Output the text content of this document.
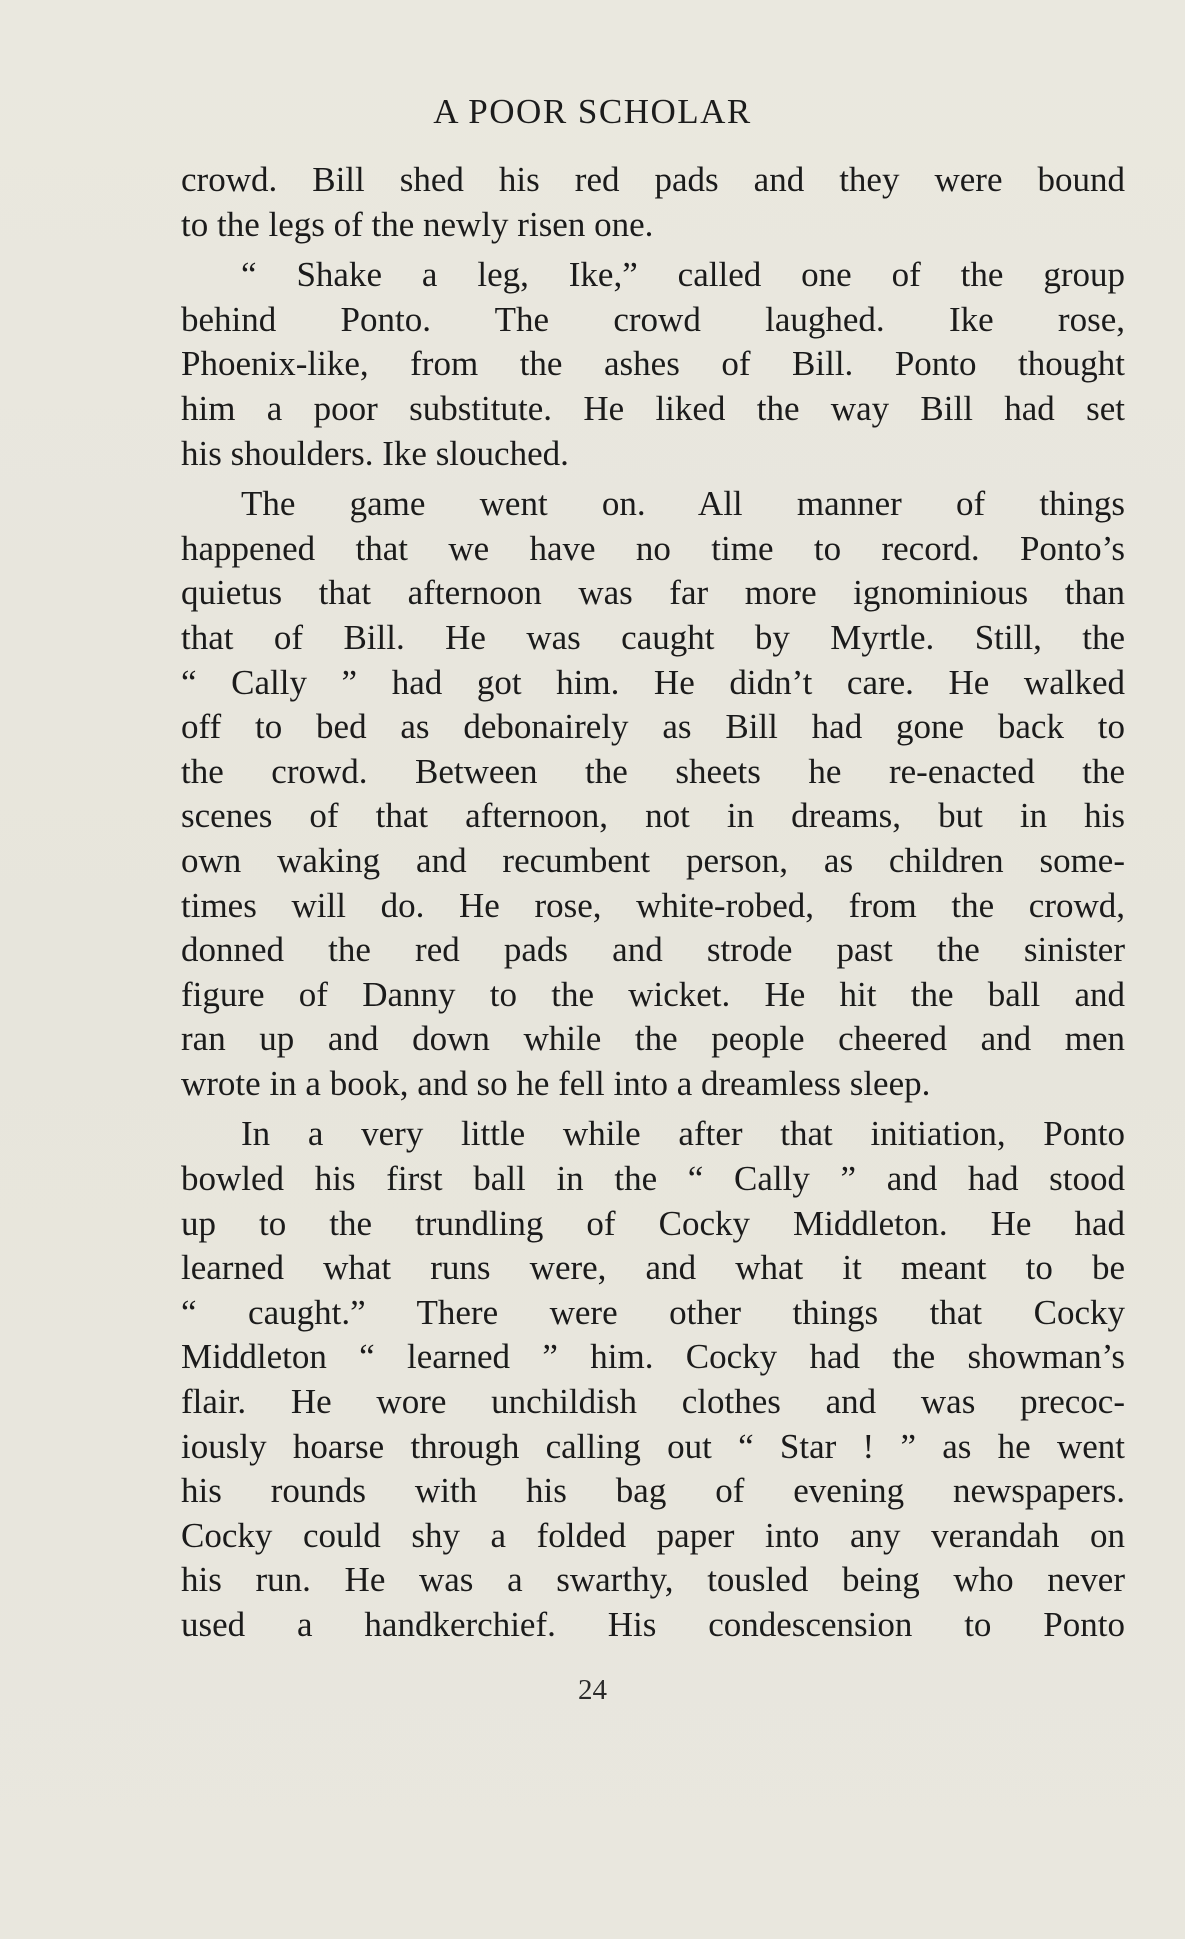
A POOR SCHOLAR
crowd. Bill shed his red pads and they were bound
to the legs of the newly risen one.
“ Shake a leg, Ike,” called one of the group
behind Ponto. The crowd laughed. Ike rose,
Phoenix-like, from the ashes of Bill. Ponto thought
him a poor substitute. He liked the way Bill had set
his shoulders. Ike slouched.
The game went on. All manner of things
happened that we have no time to record. Ponto’s
quietus that afternoon was far more ignominious than
that of Bill. He was caught by Myrtle. Still, the
“ Cally ” had got him. He didn’t care. He walked
off to bed as debonairely as Bill had gone back to
the crowd. Between the sheets he re-enacted the
scenes of that afternoon, not in dreams, but in his
own waking and recumbent person, as children some-
times will do. He rose, white-robed, from the crowd,
donned the red pads and strode past the sinister
figure of Danny to the wicket. He hit the ball and
ran up and down while the people cheered and men
wrote in a book, and so he fell into a dreamless sleep.
In a very little while after that initiation, Ponto
bowled his first ball in the “ Cally ” and had stood
up to the trundling of Cocky Middleton. He had
learned what runs were, and what it meant to be
“ caught.” There were other things that Cocky
Middleton “ learned ” him. Cocky had the showman’s
flair. He wore unchildish clothes and was precoc-
iously hoarse through calling out “ Star ! ” as he went
his rounds with his bag of evening newspapers.
Cocky could shy a folded paper into any verandah on
his run. He was a swarthy, tousled being who never
used a handkerchief. His condescension to Ponto
24
